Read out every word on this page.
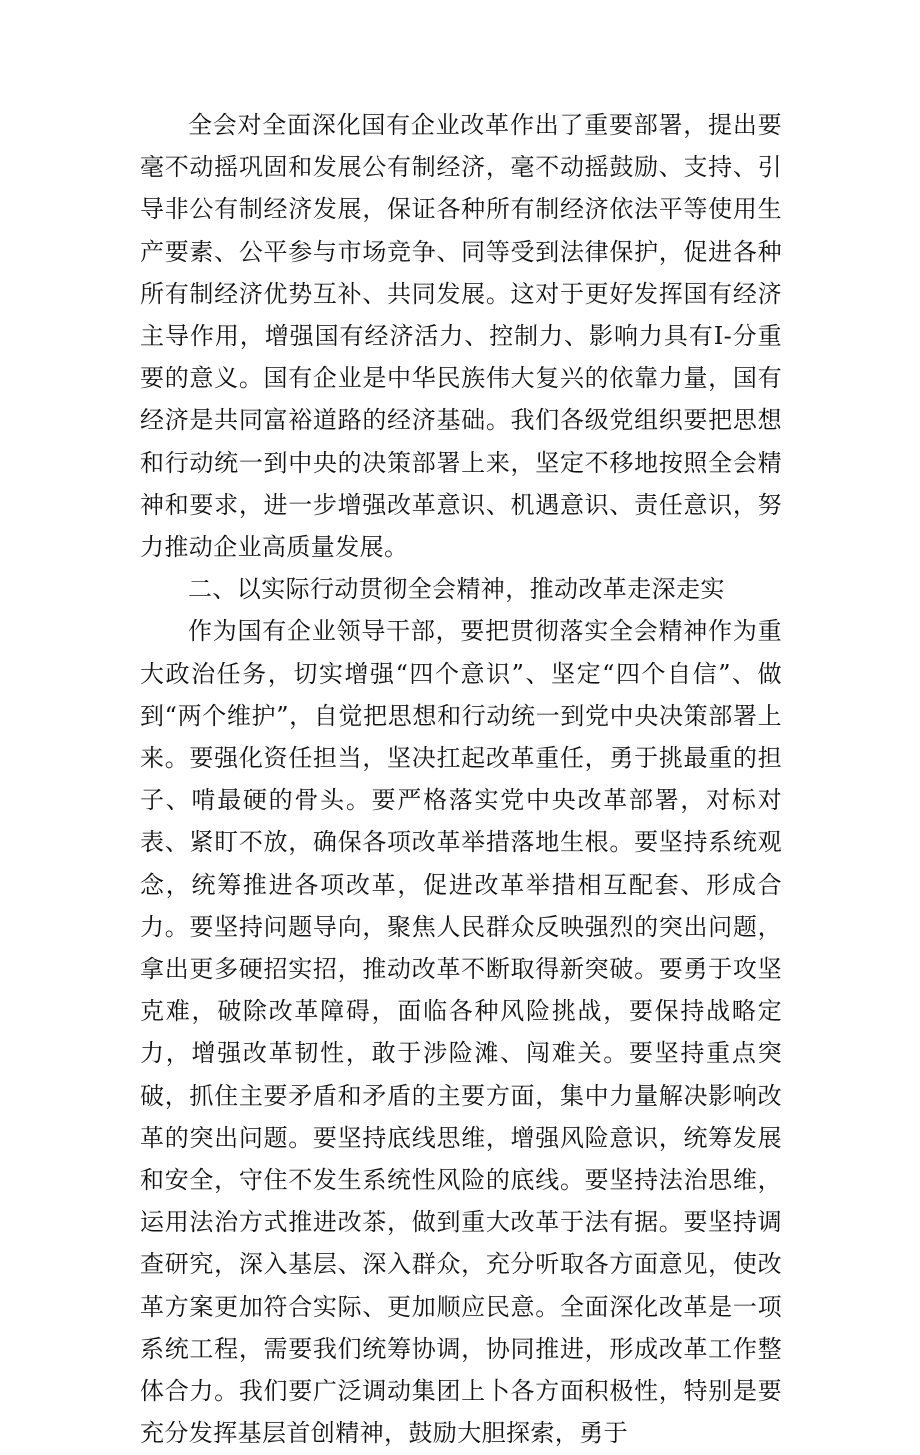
全会对全面深化国有企业改革作出了重要部署，提出要毫不动摇巩固和发展公有制经济，毫不动摇鼓励、支持、引导非公有制经济发展，保证各种所有制经济依法平等使用生产要素、公平参与市场竞争、同等受到法律保护，促进各种所有制经济优势互补、共同发展。这对于更好发挥国有经济主导作用，增强国有经济活力、控制力、影响力具有I-分重要的意义。国有企业是中华民族伟大复兴的依靠力量，国有经济是共同富裕道路的经济基础。我们各级党组织要把思想和行动统一到中央的决策部署上来，坚定不移地按照全会精神和要求，进一步增强改革意识、机遇意识、责任意识，努力推动企业高质量发展。

二、以实际行动贯彻全会精神，推动改革走深走实

作为国有企业领导干部，要把贯彻落实全会精神作为重大政治任务，切实增强“四个意识”、坚定“四个自信”、做到“两个维护”，自觉把思想和行动统一到党中央决策部署上来。要强化资任担当，坚决扛起改革重任，勇于挑最重的担子、啃最硬的骨头。要严格落实党中央改革部署，对标对表、紧盯不放，确保各项改革举措落地生根。要坚持系统观念，统筹推进各项改革，促进改革举措相互配套、形成合力。要坚持问题导向，聚焦人民群众反映强烈的突出问题，拿出更多硬招实招，推动改革不断取得新突破。要勇于攻坚克难，破除改革障碍，面临各种风险挑战，要保持战略定力，增强改革韧性，敢于涉险滩、闯难关。要坚持重点突破，抓住主要矛盾和矛盾的主要方面，集中力量解决影响改革的突出问题。要坚持底线思维，增强风险意识，统筹发展和安全，守住不发生系统性风险的底线。要坚持法治思维，运用法治方式推进改茶，做到重大改革于法有据。要坚持调查研究，深入基层、深入群众，充分听取各方面意见，使改革方案更加符合实际、更加顺应民意。全面深化改革是一项系统工程，需要我们统筹协调，协同推进，形成改革工作整体合力。我们要广泛调动集团上卜各方面积极性，特别是要充分发挥基层首创精神，鼓励大胆探索，勇于
